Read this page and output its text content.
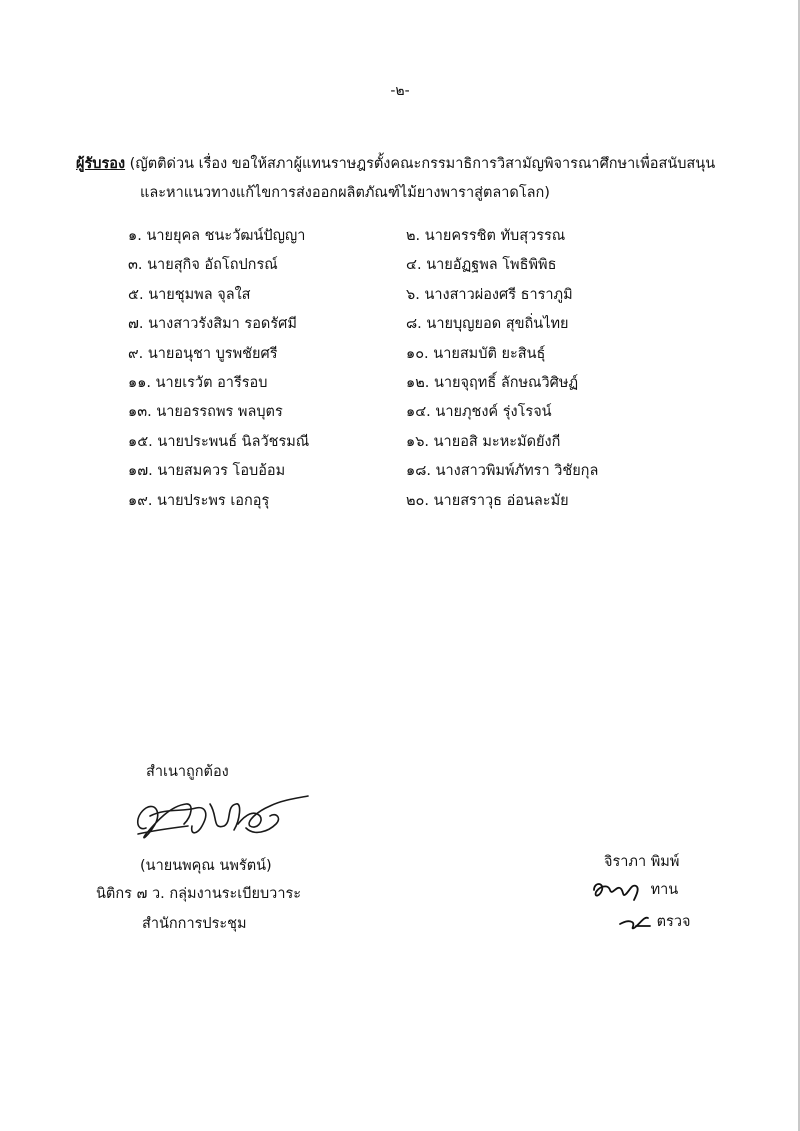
-๒-
ผู้รับรอง (ญัตติด่วน เรื่อง ขอให้สภาผู้แทนราษฎรตั้งคณะกรรมาธิการวิสามัญพิจารณาศึกษาเพื่อสนับสนุน
และหาแนวทางแก้ไขการส่งออกผลิตภัณฑ์ไม้ยางพาราสู่ตลาดโลก)
๑. นายยุคล ชนะวัฒน์ปัญญา	๒. นายครรชิต ทับสุวรรณ
๓. นายสุกิจ อัถโถปกรณ์	๔. นายอัฏฐพล โพธิพิพิธ
๕. นายชุมพล จุลใส	๖. นางสาวผ่องศรี ธาราภูมิ
๗. นางสาวรังสิมา รอดรัศมี	๘. นายบุญยอด สุขถิ่นไทย
๙. นายอนุชา บูรพชัยศรี	๑๐. นายสมบัติ ยะสินธุ์
๑๑. นายเรวัต อารีรอบ	๑๒. นายจุฤทธิ์ ลักษณวิศิษฏ์
๑๓. นายอรรถพร พลบุตร	๑๔. นายภุชงค์ รุ่งโรจน์
๑๕. นายประพนธ์ นิลวัชรมณี	๑๖. นายอสิ มะหะมัดยังกี
๑๗. นายสมควร โอบอ้อม	๑๘. นางสาวพิมพ์ภัทรา วิชัยกุล
๑๙. นายประพร เอกอุรุ	๒๐. นายสราวุธ อ่อนละมัย
สำเนาถูกต้อง
(นายนพคุณ นพรัตน์)
นิติกร ๗ ว. กลุ่มงานระเบียบวาระ
สำนักการประชุม
จิราภา พิมพ์
ทาน
ตรวจ
